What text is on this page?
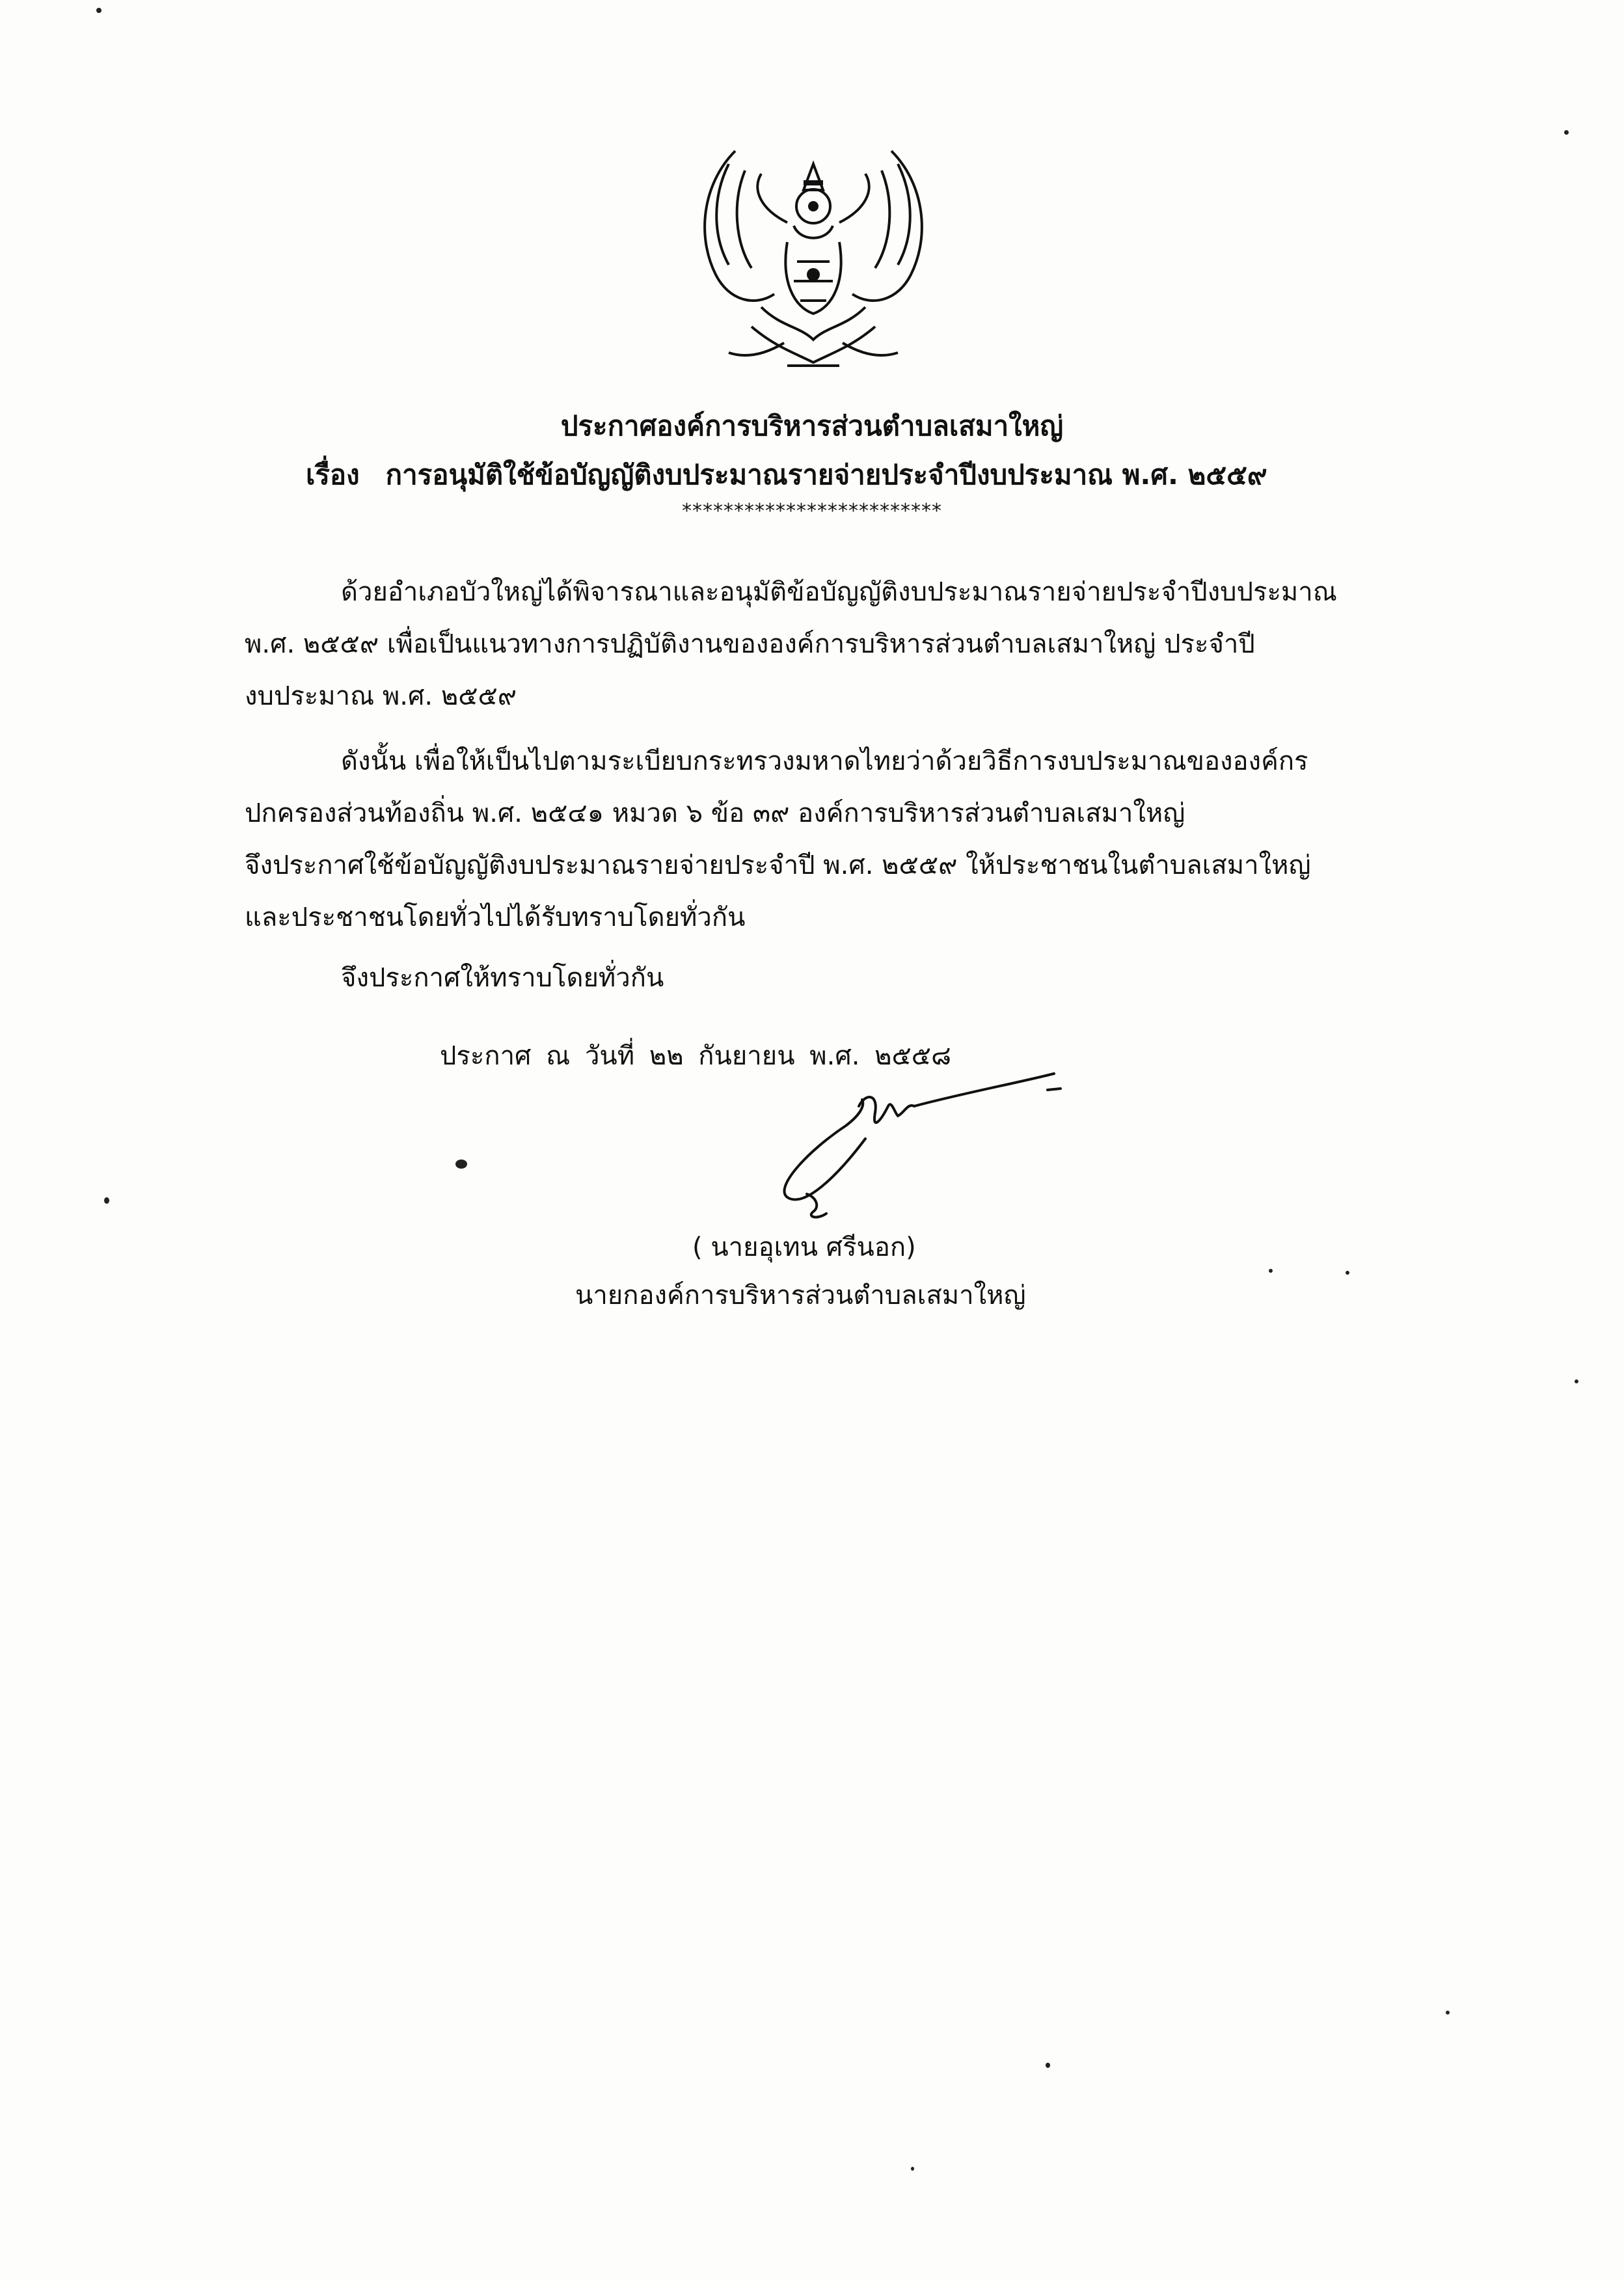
ประกาศองค์การบริหารส่วนตำบลเสมาใหญ่
เรื่อง การอนุมัติใช้ข้อบัญญัติงบประมาณรายจ่ายประจำปีงบประมาณ พ.ศ. ๒๕๕๙
*************************
ด้วยอำเภอบัวใหญ่ได้พิจารณาและอนุมัติข้อบัญญัติงบประมาณรายจ่ายประจำปีงบประมาณ
พ.ศ. ๒๕๕๙ เพื่อเป็นแนวทางการปฏิบัติงานขององค์การบริหารส่วนตำบลเสมาใหญ่ ประจำปี
งบประมาณ พ.ศ. ๒๕๕๙
ดังนั้น เพื่อให้เป็นไปตามระเบียบกระทรวงมหาดไทยว่าด้วยวิธีการงบประมาณขององค์กร
ปกครองส่วนท้องถิ่น พ.ศ. ๒๕๔๑ หมวด ๖ ข้อ ๓๙ องค์การบริหารส่วนตำบลเสมาใหญ่
จึงประกาศใช้ข้อบัญญัติงบประมาณรายจ่ายประจำปี พ.ศ. ๒๕๕๙ ให้ประชาชนในตำบลเสมาใหญ่
และประชาชนโดยทั่วไปได้รับทราบโดยทั่วกัน
จึงประกาศให้ทราบโดยทั่วกัน
ประกาศ ณ วันที่ ๒๒ กันยายน พ.ศ. ๒๕๕๘
( นายอุเทน ศรีนอก)
นายกองค์การบริหารส่วนตำบลเสมาใหญ่
